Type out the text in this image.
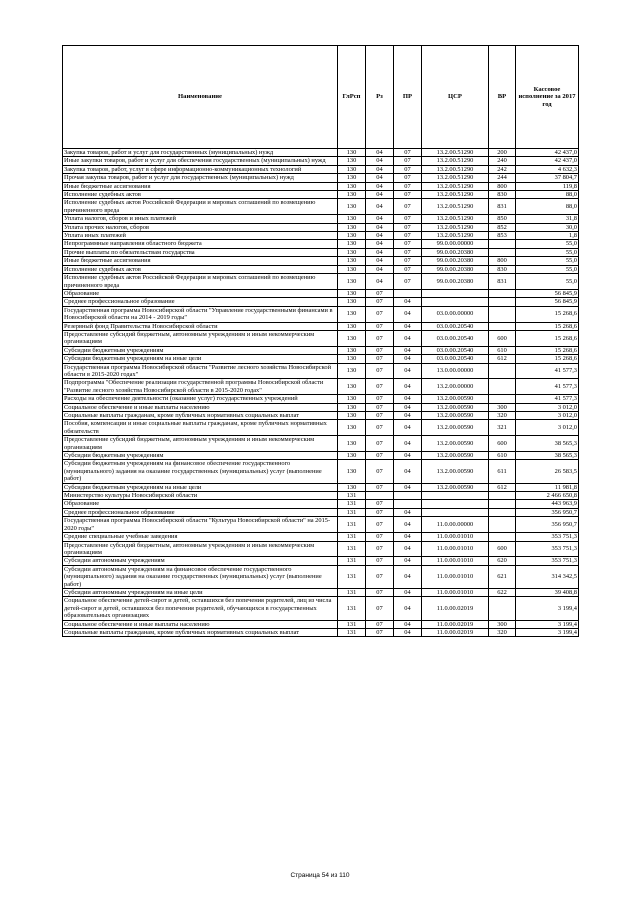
Наименование	ГлРсп	Рз	ПР	ЦСР	ВР	Кассовое исполнение за 2017 год
Закупка товаров, работ и услуг для государственных (муниципальных) нужд	130	04	07	13.2.00.51290	200	42 437,0
Иные закупки товаров, работ и услуг для обеспечения государственных (муниципальных) нужд	130	04	07	13.2.00.51290	240	42 437,0
Закупка товаров, работ, услуг в сфере информационно-коммуникационных технологий	130	04	07	13.2.00.51290	242	4 632,3
Прочая закупка товаров, работ и услуг для государственных (муниципальных) нужд	130	04	07	13.2.00.51290	244	37 804,7
Иные бюджетные ассигнования	130	04	07	13.2.00.51290	800	119,8
Исполнение судебных актов	130	04	07	13.2.00.51290	830	88,0
Исполнение судебных актов Российской Федерации и мировых соглашений по возмещению причиненного вреда	130	04	07	13.2.00.51290	831	88,0
Уплата налогов, сборов и иных платежей	130	04	07	13.2.00.51290	850	31,8
Уплата прочих налогов, сборов	130	04	07	13.2.00.51290	852	30,0
Уплата иных платежей	130	04	07	13.2.00.51290	853	1,8
Непрограммные направления областного бюджета	130	04	07	99.0.00.00000		55,0
Прочие выплаты по обязательствам государства	130	04	07	99.0.00.20380		55,0
Иные бюджетные ассигнования	130	04	07	99.0.00.20380	800	55,0
Исполнение судебных актов	130	04	07	99.0.00.20380	830	55,0
Исполнение судебных актов Российской Федерации и мировых соглашений по возмещению причиненного вреда	130	04	07	99.0.00.20380	831	55,0
Образование	130	07				56 845,9
Среднее профессиональное образование	130	07	04			56 845,9
Государственная программа Новосибирской области "Управление государственными финансами в Новосибирской области на 2014 - 2019 годы"	130	07	04	03.0.00.00000		15 268,6
Резервный фонд Правительства Новосибирской области	130	07	04	03.0.00.20540		15 268,6
Предоставление субсидий бюджетным, автономным учреждениям и иным некоммерческим организациям	130	07	04	03.0.00.20540	600	15 268,6
Субсидии бюджетным учреждениям	130	07	04	03.0.00.20540	610	15 268,6
Субсидии бюджетным учреждениям на иные цели	130	07	04	03.0.00.20540	612	15 268,6
Государственная программа Новосибирской области "Развитие лесного хозяйства Новосибирской области в 2015-2020 годах"	130	07	04	13.0.00.00000		41 577,3
Подпрограмма "Обеспечение реализации государственной программы Новосибирской области "Развитие лесного хозяйства Новосибирской области в 2015-2020 годах"	130	07	04	13.2.00.00000		41 577,3
Расходы на обеспечение деятельности (оказание услуг) государственных учреждений	130	07	04	13.2.00.00590		41 577,3
Социальное обеспечение и иные выплаты населению	130	07	04	13.2.00.00590	300	3 012,0
Социальные выплаты гражданам, кроме публичных нормативных социальных выплат	130	07	04	13.2.00.00590	320	3 012,0
Пособия, компенсации и иные социальные выплаты гражданам, кроме публичных нормативных обязательств	130	07	04	13.2.00.00590	321	3 012,0
Предоставление субсидий бюджетным, автономным учреждениям и иным некоммерческим организациям	130	07	04	13.2.00.00590	600	38 565,3
Субсидии бюджетным учреждениям	130	07	04	13.2.00.00590	610	38 565,3
Субсидии бюджетным учреждениям на финансовое обеспечение государственного (муниципального) задания на оказание государственных (муниципальных) услуг (выполнение работ)	130	07	04	13.2.00.00590	611	26 583,5
Субсидии бюджетным учреждениям на иные цели	130	07	04	13.2.00.00590	612	11 981,8
Министерство культуры Новосибирской области	131					2 466 650,8
Образование	131	07				443 963,9
Среднее профессиональное образование	131	07	04			356 950,7
Государственная программа Новосибирской области "Культура Новосибирской области" на 2015-2020 годы"	131	07	04	11.0.00.00000		356 950,7
Средние специальные учебные заведения	131	07	04	11.0.00.01010		353 751,3
Предоставление субсидий бюджетным, автономным учреждениям и иным некоммерческим организациям	131	07	04	11.0.00.01010	600	353 751,3
Субсидии автономным учреждениям	131	07	04	11.0.00.01010	620	353 751,3
Субсидии автономным учреждениям на финансовое обеспечение государственного (муниципального) задания на оказание государственных (муниципальных) услуг (выполнение работ)	131	07	04	11.0.00.01010	621	314 342,5
Субсидии автономным учреждениям на иные цели	131	07	04	11.0.00.01010	622	39 408,8
Социальное обеспечение детей-сирот и детей, оставшихся без попечения родителей, лиц из числа детей-сирот и детей, оставшихся без попечения родителей, обучающихся в государственных образовательных организациях	131	07	04	11.0.00.02019		3 199,4
Социальное обеспечение и иные выплаты населению	131	07	04	11.0.00.02019	300	3 199,4
Социальные выплаты гражданам, кроме публичных нормативных социальных выплат	131	07	04	11.0.00.02019	320	3 199,4
Страница 54 из 110
